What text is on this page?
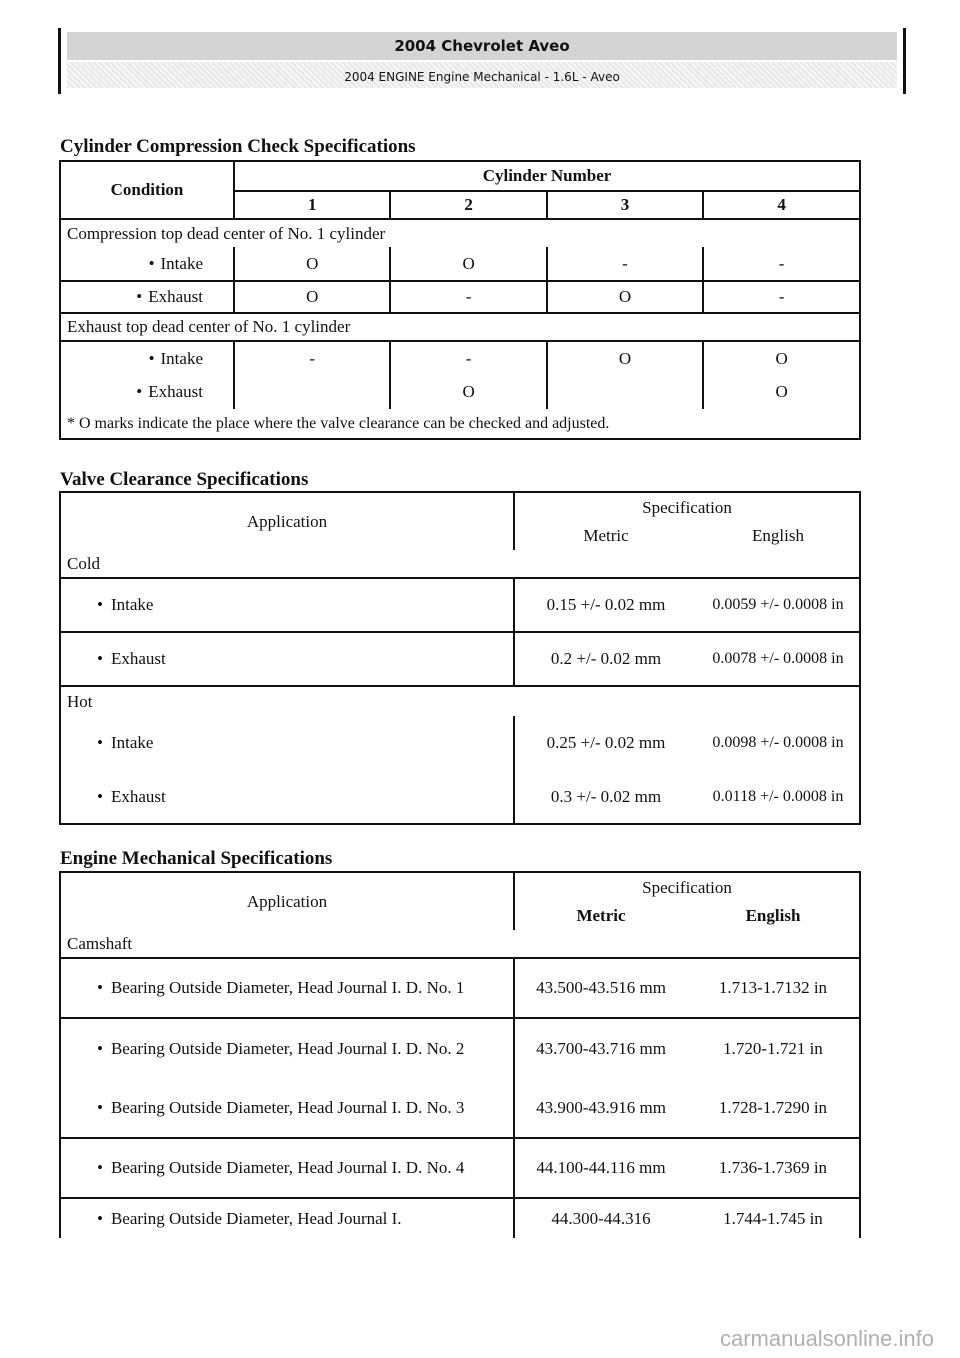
2004 Chevrolet Aveo
2004 ENGINE Engine Mechanical - 1.6L - Aveo
Cylinder Compression Check Specifications
Condition	Cylinder Number			
	1	2	3	4
Compression top dead center of No. 1 cylinder				
• Intake	O	O	-	-
• Exhaust	O	-	O	-
Exhaust top dead center of No. 1 cylinder				
• Intake	-	-	O	O
• Exhaust		O		O
* O marks indicate the place where the valve clearance can be checked and adjusted.				
Valve Clearance Specifications
Application	Specification	
	Metric	English
Cold		
• Intake	0.15 +/- 0.02 mm	0.0059 +/- 0.0008 in
• Exhaust	0.2 +/- 0.02 mm	0.0078 +/- 0.0008 in
Hot		
• Intake	0.25 +/- 0.02 mm	0.0098 +/- 0.0008 in
• Exhaust	0.3 +/- 0.02 mm	0.0118 +/- 0.0008 in
Engine Mechanical Specifications
Application	Specification	
	Metric	English
Camshaft		
• Bearing Outside Diameter, Head Journal I. D. No. 1	43.500-43.516 mm	1.713-1.7132 in
• Bearing Outside Diameter, Head Journal I. D. No. 2	43.700-43.716 mm	1.720-1.721 in
• Bearing Outside Diameter, Head Journal I. D. No. 3	43.900-43.916 mm	1.728-1.7290 in
• Bearing Outside Diameter, Head Journal I. D. No. 4	44.100-44.116 mm	1.736-1.7369 in
• Bearing Outside Diameter, Head Journal I.	44.300-44.316	1.744-1.745 in
carmanualsonline.info
